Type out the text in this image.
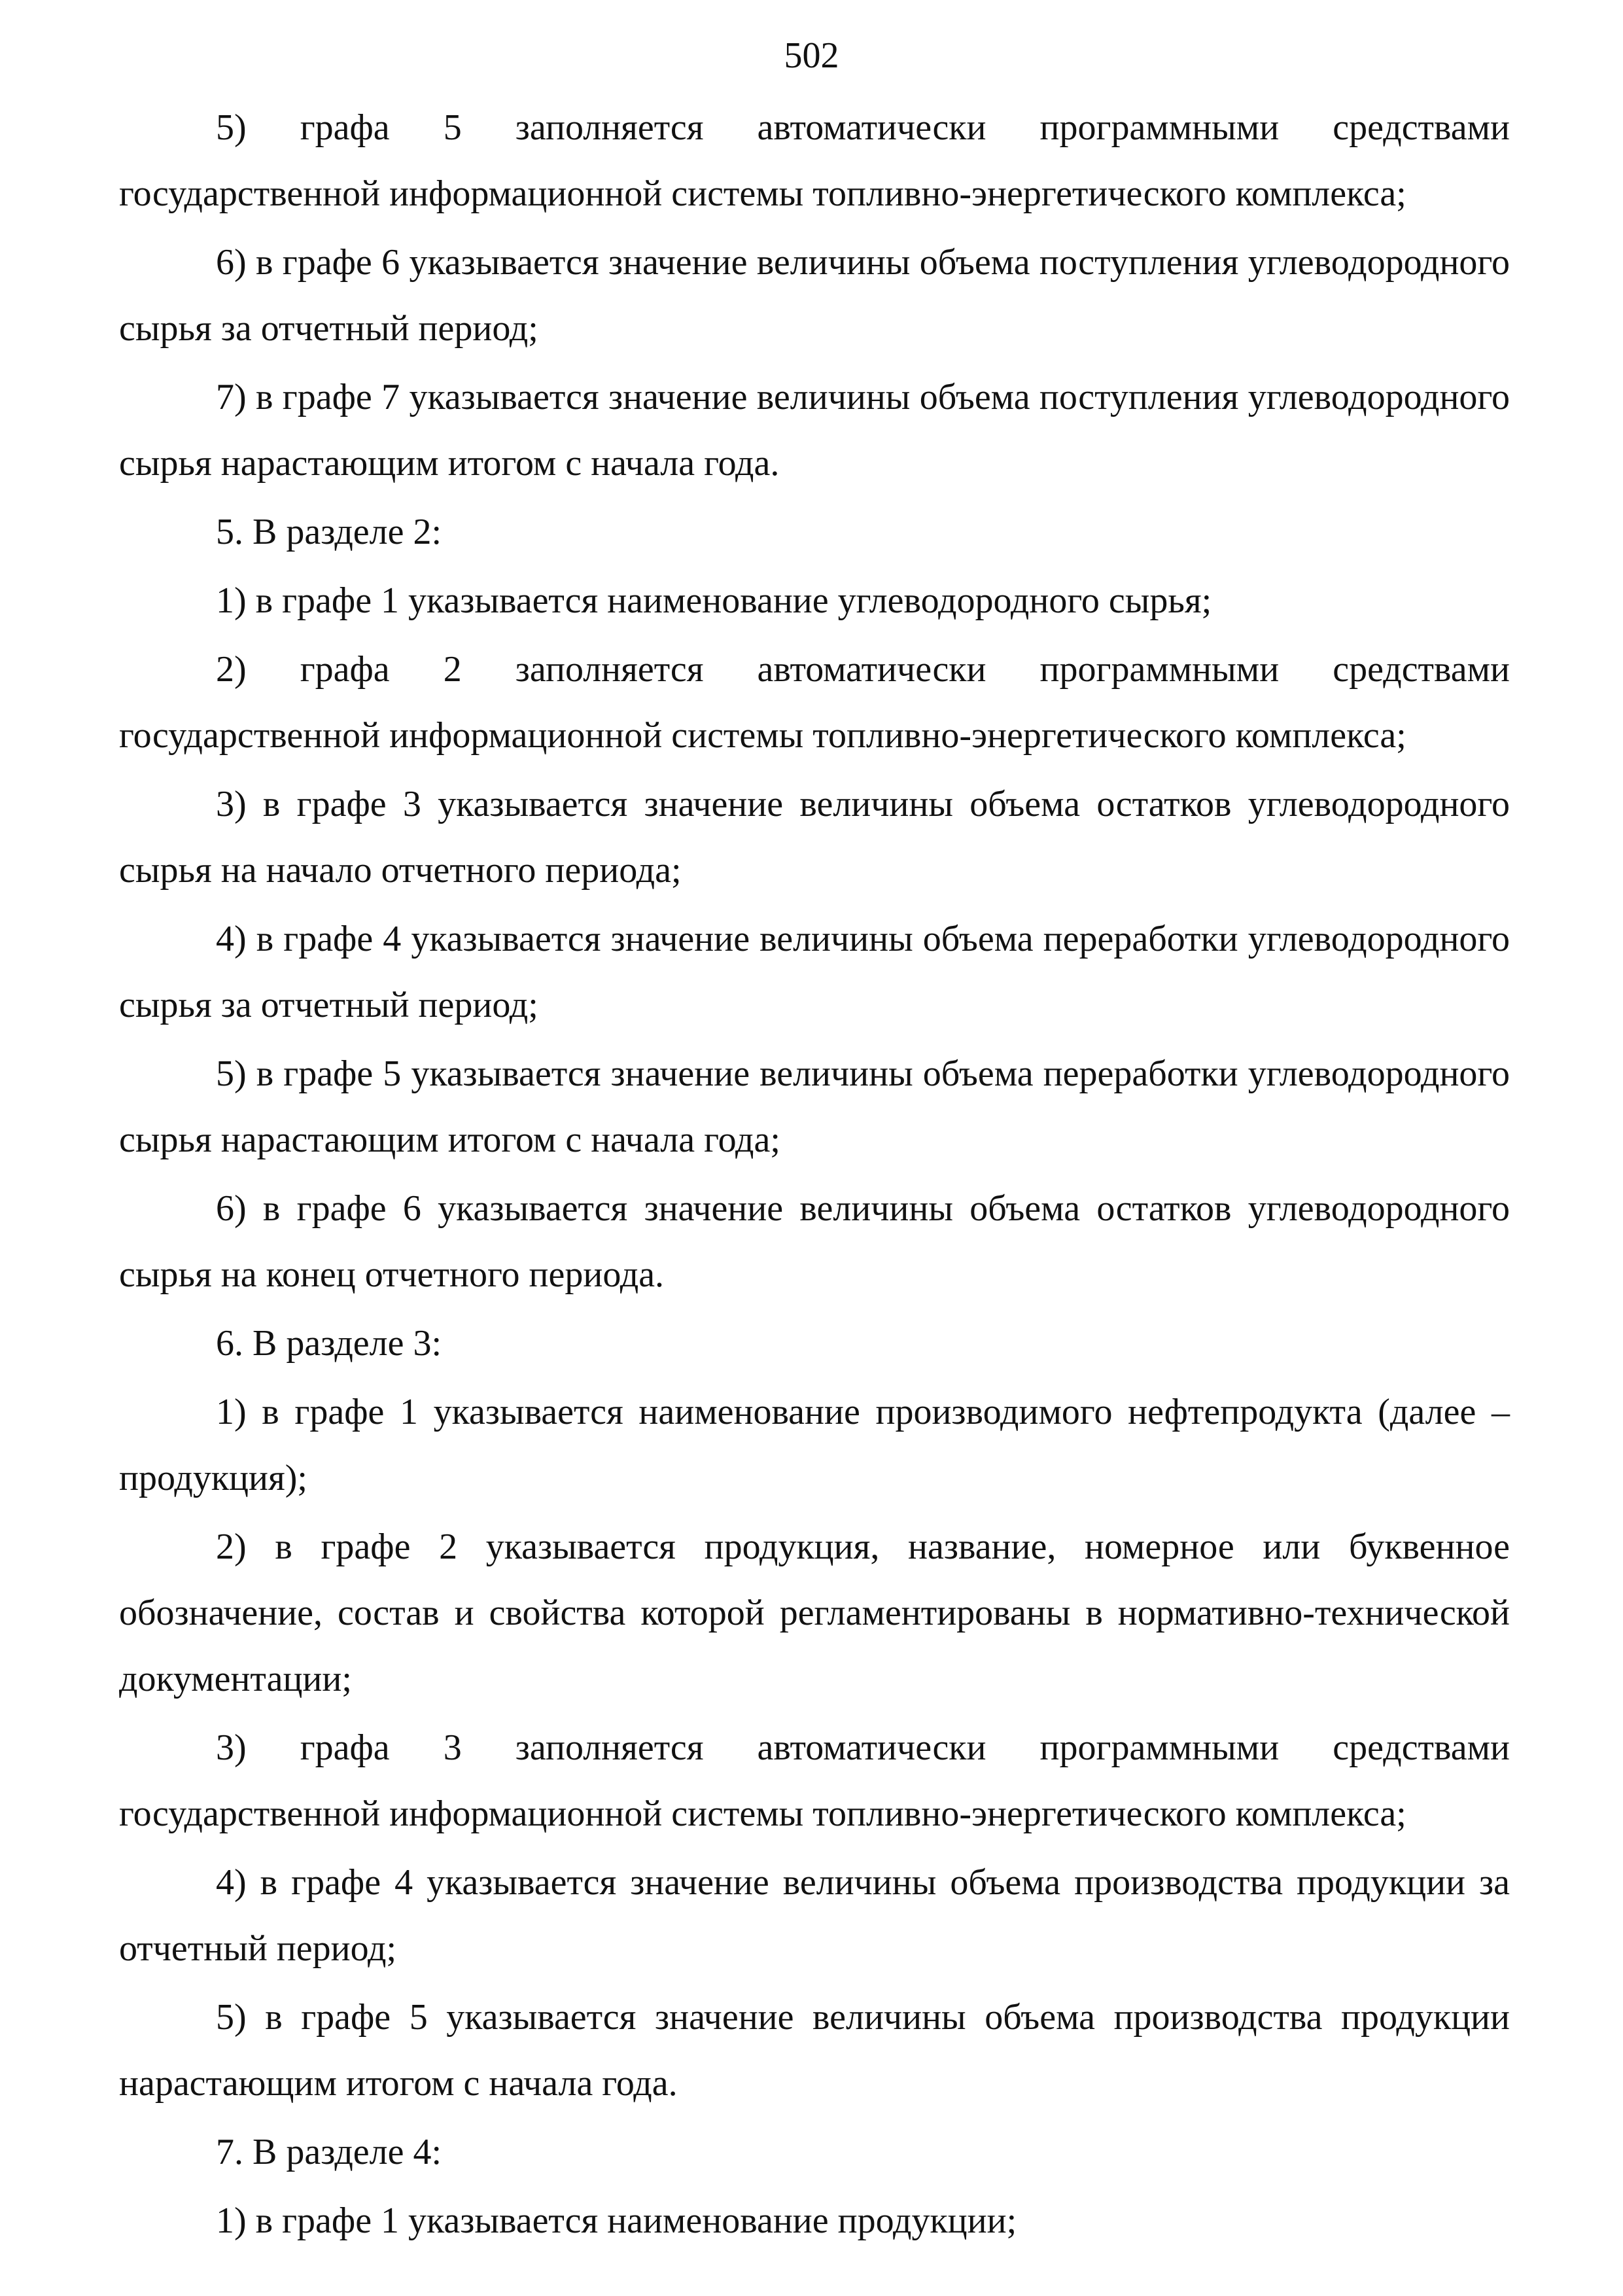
502

5) графа 5 заполняется автоматически программными средствами государственной информационной системы топливно-энергетического комплекса;

6) в графе 6 указывается значение величины объема поступления углеводородного сырья за отчетный период;

7) в графе 7 указывается значение величины объема поступления углеводородного сырья нарастающим итогом с начала года.

5. В разделе 2:

1) в графе 1 указывается наименование углеводородного сырья;

2) графа 2 заполняется автоматически программными средствами государственной информационной системы топливно-энергетического комплекса;

3) в графе 3 указывается значение величины объема остатков углеводородного сырья на начало отчетного периода;

4) в графе 4 указывается значение величины объема переработки углеводородного сырья за отчетный период;

5) в графе 5 указывается значение величины объема переработки углеводородного сырья нарастающим итогом с начала года;

6) в графе 6 указывается значение величины объема остатков углеводородного сырья на конец отчетного периода.

6. В разделе 3:

1) в графе 1 указывается наименование производимого нефтепродукта (далее – продукция);

2) в графе 2 указывается продукция, название, номерное или буквенное обозначение, состав и свойства которой регламентированы в нормативно-технической документации;

3) графа 3 заполняется автоматически программными средствами государственной информационной системы топливно-энергетического комплекса;

4) в графе 4 указывается значение величины объема производства продукции за отчетный период;

5) в графе 5 указывается значение величины объема производства продукции нарастающим итогом с начала года.

7. В разделе 4:

1) в графе 1 указывается наименование продукции;
